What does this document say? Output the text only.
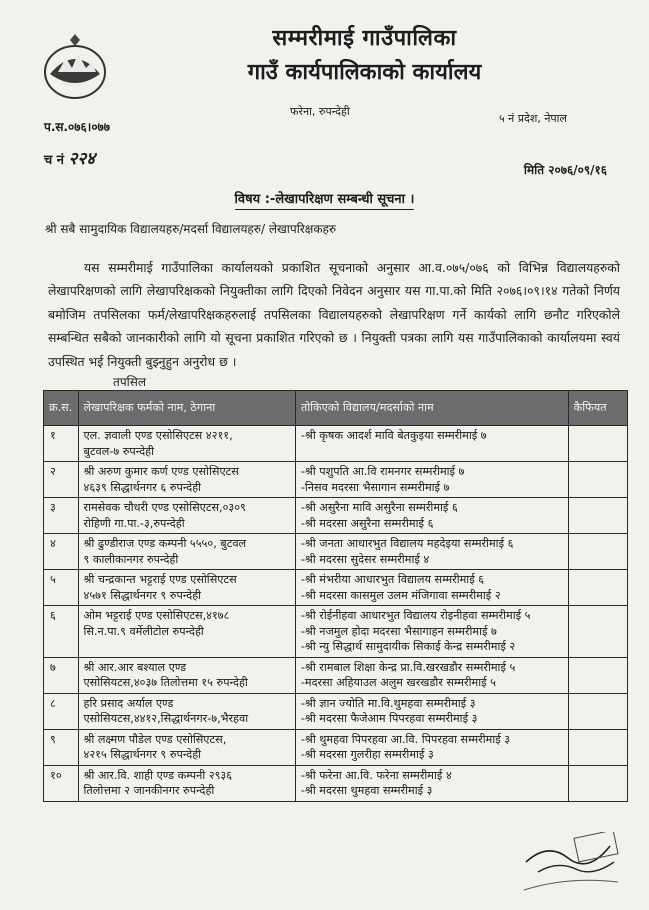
सम्मरीमाई गाउँपालिका
गाउँ कार्यपालिकाको कार्यालय
फरेना, रुपन्देही
५ नं प्रदेश, नेपाल
प.स.०७६।०७७
च नं २२४
मिति २०७६/०९/१६
विषय :-लेखापरिक्षण सम्बन्धी सूचना ।
श्री सबै सामुदायिक विद्यालयहरु/मदर्सा विद्यालयहरु/ लेखापरिक्षकहरु
यस सम्मरीमाई गाउँपालिका कार्यालयको प्रकाशित सूचनाको अनुसार आ.व.०७५/०७६ को विभिन्न विद्यालयहरुको लेखापरिक्षणको लागि लेखापरिक्षकको नियुक्तीका लागि दिएको निवेदन अनुसार यस गा.पा.को मिति २०७६।०९।१४ गतेको निर्णय बमोजिम तपसिलका फर्म/लेखापरिक्षकहरुलाई तपसिलका विद्यालयहरुको लेखापरिक्षण गर्ने कार्यको लागि छनौट गरिएकोले सम्बन्धित सबैको जानकारीको लागि यो सूचना प्रकाशित गरिएको छ । नियुक्ती पत्रका लागि यस गाउँपालिकाको कार्यालयमा स्वयं उपस्थित भई नियुक्ती बुझ्नुहुन अनुरोध छ ।
तपसिल
क्र.स.	लेखापरिक्षक फर्मको नाम, ठेगाना	तोकिएको विद्यालय/मदर्साको नाम	कैफियत
१	एल. ज्ञवाली एण्ड एसोसिएटस ४२११,
बुटवल-७ रुपन्देही	-श्री कृषक आदर्श मावि बेतकुइया सम्मरीमाई ७	

२	श्री अरुण कुमार कर्ण एण्ड एसोसिएटस
४६३९ सिद्धार्थनगर ६ रुपन्देही	-श्री पशुपति आ.वि रामनगर सम्मरीमाई ७
-निसव मदरसा भैसागान सम्मरीमाई ७	

३	रामसेवक चौधरी एण्ड एसोसिएटस,०३०९
रोहिणी गा.पा.-३,रुपन्देही	-श्री असुरैना मावि असुरैना सम्मरीमाई ६
-श्री मदरसा असुरैना सम्मरीमाई ६	

४	श्री ढुण्डीराज एण्ड कम्पनी ५५५०, बुटवल
९ कालीकानगर रुपन्देही	-श्री जनता आधारभुत विद्यालय महदेइया सम्मरीमाई ६
-श्री मदरसा सुदेसर सम्मरीमाई ४	

५	श्री चन्द्रकान्त भट्टराई एण्ड एसोसिएटस
४५७१ सिद्धार्थनगर ९ रुपन्देही	-श्री मंभरीया आधारभुत विद्यालय सम्मरीमाई ६
-श्री मदरसा कासमुल उलम मंजिगावा सम्मरीमाई २	

६	ओम भट्टराई एण्ड एसोसिएटस,४१७८
सि.न.पा.९ वर्मेलीटोल रुपन्देही	-श्री रोईनीहवा आधारभुत विद्यालय रोइनीहवा सम्मरीमाई ५
-श्री नजमुल होदा मदरसा भैसागाहन सम्मरीमाई ७
-श्री न्यु सिद्धार्थ सामुदायीक सिकाई केन्द्र सम्मरीमाई २	

७	श्री आर.आर बश्याल एण्ड
एसोसियटस,४०३७ तिलोत्तमा १५ रुपन्देही	-श्री रामबाल शिक्षा केन्द्र प्रा.वि.खरखडौर सम्मरीमाई ५
-मदरसा अहियाउल अलुम खरखडौर सम्मरीमाई ५	

८	हरि प्रसाद अर्याल एण्ड
एसोसियटस,४४१२,सिद्धार्थनगर-७,भैरहवा	-श्री ज्ञान ज्योति मा.वि.थुमहवा सम्मरीमाई ३
-श्री मदरसा फैजेआम पिपरहवा सम्मरीमाई ३	

९	श्री लक्ष्मण पौडेल एण्ड एसोसिएटस,
४२१५ सिद्धार्थनगर ९ रुपन्देही	-श्री थुमहवा पिपरहवा आ.वि. पिपरहवा सम्मरीमाई ३
-श्री मदरसा गुलरीहा सम्मरीमाई ३	

१०	श्री आर.वि. शाही एण्ड कम्पनी २९३६
तिलोत्तमा २ जानकीनगर रुपन्देही	-श्री फरेना आ.वि. फरेना सम्मरीमाई ४
-श्री मदरसा थुमहवा सम्मरीमाई ३	
